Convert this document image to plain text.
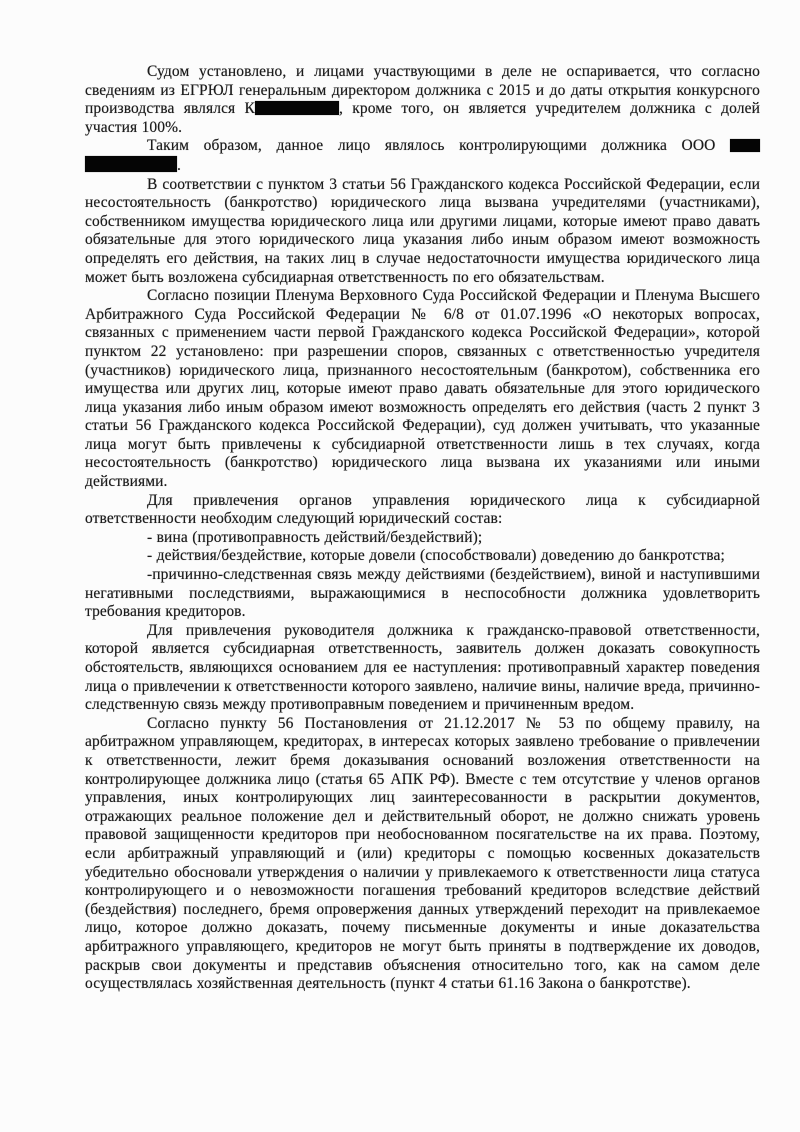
Судом установлено, и лицами участвующими в деле не оспаривается, что согласно сведениям из ЕГРЮЛ генеральным директором должника с 2015 и до даты открытия конкурсного производства являлся К	, кроме того, он является учредителем должника с долей участия 100%.

Таким образом, данное лицо являлось контролирующими должника ООО
.

В соответствии с пунктом 3 статьи 56 Гражданского кодекса Российской Федерации, если несостоятельность (банкротство) юридического лица вызвана учредителями (участниками), собственником имущества юридического лица или другими лицами, которые имеют право давать обязательные для этого юридического лица указания либо иным образом имеют возможность определять его действия, на таких лиц в случае недостаточности имущества юридического лица может быть возложена субсидиарная ответственность по его обязательствам.

Согласно позиции Пленума Верховного Суда Российской Федерации и Пленума Высшего Арбитражного Суда Российской Федерации № 6/8 от 01.07.1996 «О некоторых вопросах, связанных с применением части первой Гражданского кодекса Российской Федерации», которой пунктом 22 установлено: при разрешении споров, связанных с ответственностью учредителя (участников) юридического лица, признанного несостоятельным (банкротом), собственника его имущества или других лиц, которые имеют право давать обязательные для этого юридического лица указания либо иным образом имеют возможность определять его действия (часть 2 пункт 3 статьи 56 Гражданского кодекса Российской Федерации), суд должен учитывать, что указанные лица могут быть привлечены к субсидиарной ответственности лишь в тех случаях, когда несостоятельность (банкротство) юридического лица вызвана их указаниями или иными действиями.

Для привлечения органов управления юридического лица к субсидиарной ответственности необходим следующий юридический состав:

- вина (противоправность действий/бездействий);

- действия/бездействие, которые довели (способствовали) доведению до банкротства;

-причинно-следственная связь между действиями (бездействием), виной и наступившими негативными последствиями, выражающимися в неспособности должника удовлетворить требования кредиторов.

Для привлечения руководителя должника к гражданско-правовой ответственности, которой является субсидиарная ответственность, заявитель должен доказать совокупность обстоятельств, являющихся основанием для ее наступления: противоправный характер поведения лица о привлечении к ответственности которого заявлено, наличие вины, наличие вреда, причинно-следственную связь между противоправным поведением и причиненным вредом.

Согласно пункту 56 Постановления от 21.12.2017 № 53 по общему правилу, на арбитражном управляющем, кредиторах, в интересах которых заявлено требование о привлечении к ответственности, лежит бремя доказывания оснований возложения ответственности на контролирующее должника лицо (статья 65 АПК РФ). Вместе с тем отсутствие у членов органов управления, иных контролирующих лиц заинтересованности в раскрытии документов, отражающих реальное положение дел и действительный оборот, не должно снижать уровень правовой защищенности кредиторов при необоснованном посягательстве на их права. Поэтому, если арбитражный управляющий и (или) кредиторы с помощью косвенных доказательств убедительно обосновали утверждения о наличии у привлекаемого к ответственности лица статуса контролирующего и о невозможности погашения требований кредиторов вследствие действий (бездействия) последнего, бремя опровержения данных утверждений переходит на привлекаемое лицо, которое должно доказать, почему письменные документы и иные доказательства арбитражного управляющего, кредиторов не могут быть приняты в подтверждение их доводов, раскрыв свои документы и представив объяснения относительно того, как на самом деле осуществлялась хозяйственная деятельность (пункт 4 статьи 61.16 Закона о банкротстве).
